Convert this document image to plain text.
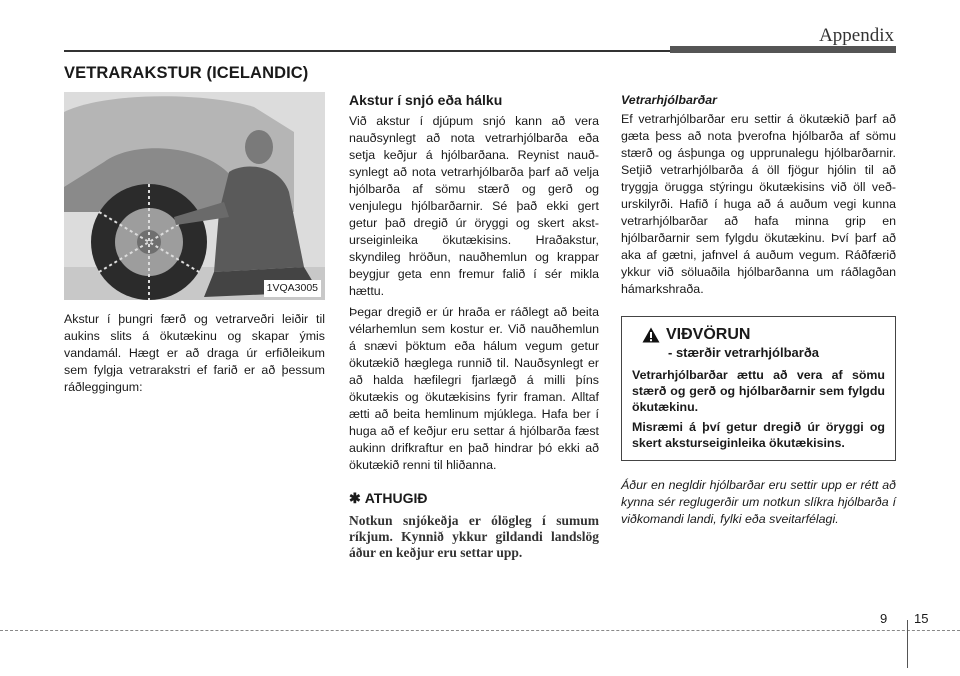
Appendix
VETRARAKSTUR (ICELANDIC)
1VQA3005

Akstur í þungri færð og vetrarveðri leiðir til aukins slits á ökutækinu og skapar ýmis vandamál. Hægt er að draga úr erfiðleikum sem fylgja vetrarakstri ef farið er að þessum ráðleggingum:

Akstur í snjó eða hálku

Við akstur í djúpum snjó kann að vera nauðsynlegt að nota vetrarhjólbarða eða setja keðjur á hjólbarðana. Reynist nauðsynlegt að nota vetrarhjólbarða þarf að velja hjólbarða af sömu stærð og gerð og venjulegu hjólbarðarnir. Sé það ekki gert getur það dregið úr öryggi og skert aksturseiginleika ökutækisins. Hraðakstur, skyndileg hröðun, nauðhemlun og krappar beygjur geta enn fremur falið í sér mikla hættu.

Þegar dregið er úr hraða er ráðlegt að beita vélarhemlun sem kostur er. Við nauðhemlun á snævi þöktum eða hálum vegum getur ökutækið hæglega runnið til. Nauðsynlegt er að halda hæfilegri fjarlægð á milli þíns ökutækis og ökutækisins fyrir framan. Alltaf ætti að beita hemlinum mjúklega. Hafa ber í huga að ef keðjur eru settar á hjólbarða fæst aukinn drifkraftur en það hindrar þó ekki að ökutækið renni til hliðanna.

✱ ATHUGIÐ

Notkun snjókeðja er ólögleg í sumum ríkjum. Kynnið ykkur gildandi landslög áður en keðjur eru settar upp.

Vetrarhjólbarðar

Ef vetrarhjólbarðar eru settir á ökutækið þarf að gæta þess að nota þverofna hjólbarða af sömu stærð og ásþunga og upprunalegu hjólbarðarnir. Setjið vetrarhjólbarða á öll fjögur hjólin til að tryggja örugga stýringu ökutækisins við öll veðurskilyrði. Hafið í huga að á auðum vegi kunna vetrarhjólbarðar að hafa minna grip en hjólbarðarnir sem fylgdu ökutækinu. Því þarf að aka af gætni, jafnvel á auðum vegum. Ráðfærið ykkur við söluaðila hjólbarðanna um ráðlagðan hámarkshraða.

VIÐVÖRUN
- stærðir vetrarhjólbarða

Vetrarhjólbarðar ættu að vera af sömu stærð og gerð og hjólbarðarnir sem fylgdu ökutækinu.

Misræmi á því getur dregið úr öryggi og skert aksturseiginleika ökutækisins.

Áður en negldir hjólbarðar eru settir upp er rétt að kynna sér reglugerðir um notkun slíkra hjólbarða í viðkomandi landi, fylki eða sveitarfélagi.

9 15
